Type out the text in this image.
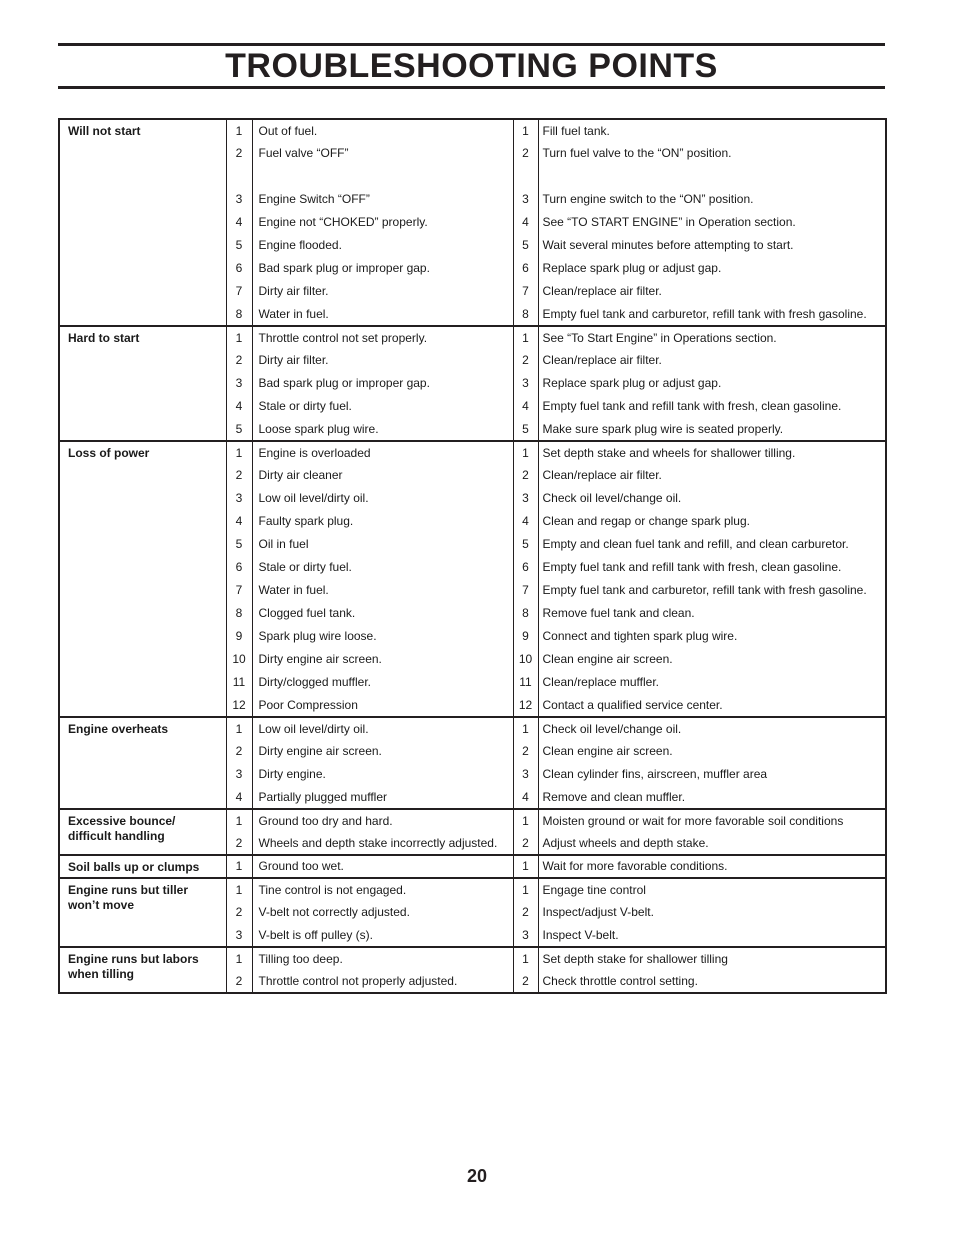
TROUBLESHOOTING POINTS
Will not start	1	Out of fuel.	1	Fill fuel tank.
	2	Fuel valve “OFF”	2	Turn fuel valve to the “ON” position.
	3	Engine Switch “OFF”	3	Turn engine switch to the “ON” position.
	4	Engine not “CHOKED” properly.	4	See “TO START ENGINE” in Operation section.
	5	Engine flooded.	5	Wait several minutes before attempting to start.
	6	Bad spark plug or improper gap.	6	Replace spark plug or adjust gap.
	7	Dirty air filter.	7	Clean/replace air filter.
	8	Water in fuel.	8	Empty fuel tank and carburetor, refill tank with fresh gasoline.
Hard to start	1	Throttle control not set properly.	1	See “To Start Engine” in Operations section.
	2	Dirty air filter.	2	Clean/replace air filter.
	3	Bad spark plug or improper gap.	3	Replace spark plug or adjust gap.
	4	Stale or dirty fuel.	4	Empty fuel tank and refill tank with fresh, clean gasoline.
	5	Loose spark plug wire.	5	Make sure spark plug wire is seated properly.
Loss of power	1	Engine is overloaded	1	Set depth stake and wheels for shallower tilling.
	2	Dirty air cleaner	2	Clean/replace air filter.
	3	Low oil level/dirty oil.	3	Check oil level/change oil.
	4	Faulty spark plug.	4	Clean and regap or change spark plug.
	5	Oil in fuel	5	Empty and clean fuel tank and refill, and clean carburetor.
	6	Stale or dirty fuel.	6	Empty fuel tank and refill tank with fresh, clean gasoline.
	7	Water in fuel.	7	Empty fuel tank and carburetor, refill tank with fresh gasoline.
	8	Clogged fuel tank.	8	Remove fuel tank and clean.
	9	Spark plug wire loose.	9	Connect and tighten spark plug wire.
	10	Dirty engine air screen.	10	Clean engine air screen.
	11	Dirty/clogged muffler.	11	Clean/replace muffler.
	12	Poor Compression	12	Contact a qualified service center.
Engine overheats	1	Low oil level/dirty oil.	1	Check oil level/change oil.
	2	Dirty engine air screen.	2	Clean engine air screen.
	3	Dirty engine.	3	Clean cylinder fins, airscreen, muffler area
	4	Partially plugged muffler	4	Remove and clean muffler.
Excessive bounce/ difficult handling	1	Ground too dry and hard.	1	Moisten ground or wait for more favorable soil conditions
	2	Wheels and depth stake incorrectly adjusted.	2	Adjust wheels and depth stake.
Soil balls up or clumps	1	Ground too wet.	1	Wait for more favorable conditions.
Engine runs but tiller won’t move	1	Tine control is not engaged.	1	Engage tine control
	2	V-belt not correctly adjusted.	2	Inspect/adjust V-belt.
	3	V-belt is off pulley (s).	3	Inspect V-belt.
Engine runs but labors when tilling	1	Tilling too deep.	1	Set depth stake for shallower tilling
	2	Throttle control not properly adjusted.	2	Check throttle control setting.
20
